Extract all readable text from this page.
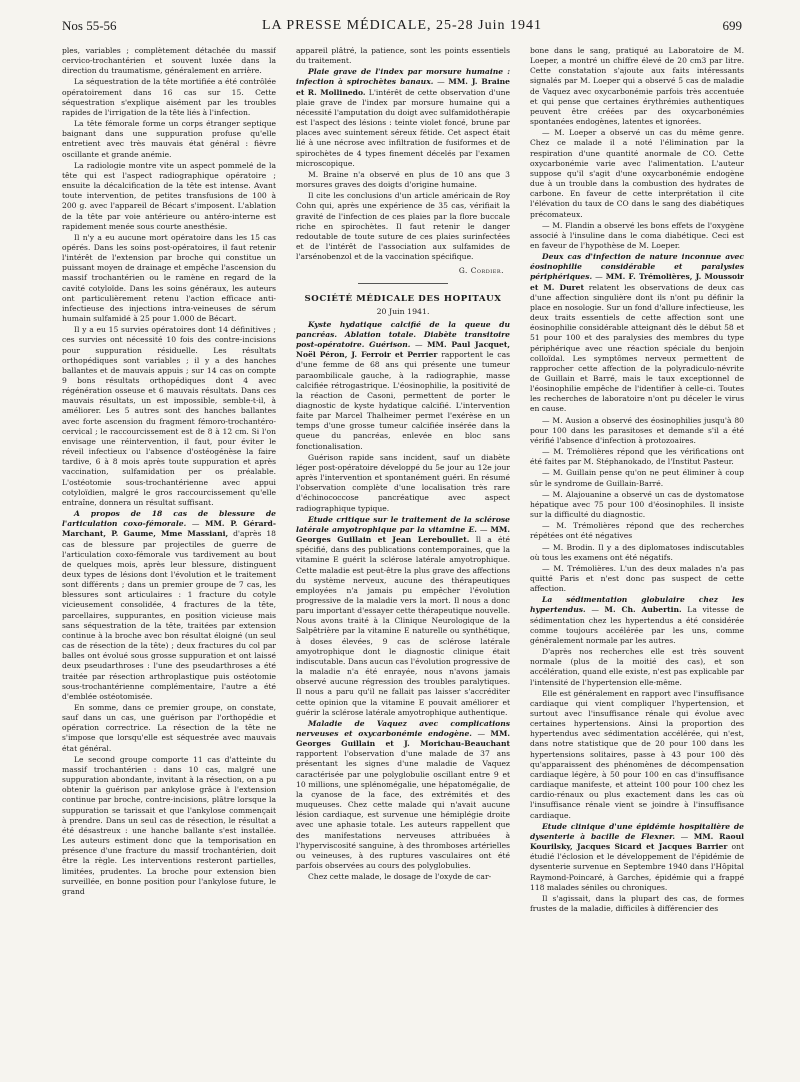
Nos 55-56	LA PRESSE MÉDICALE, 25-28 Juin 1941	699

ples, variables ; complètement détachée du massif cervico-trochantérien et souvent luxée dans la direction du traumatisme, généralement en arrière.

La séquestration de la tête mortifiée a été contrôlée opératoirement dans 16 cas sur 15. Cette séquestration s'explique aisément par les troubles rapides de l'irrigation de la tête liés à l'infection.

La tête fémorale forme un corps étranger septique baignant dans une suppuration profuse qu'elle entretient avec très mauvais état général : fièvre oscillante et grande anémie.

La radiologie montre vite un aspect pommelé de la tête qui est l'aspect radiographique opératoire ; ensuite la décalcification de la tête est intense. Avant toute intervention, de petites transfusions de 100 à 200 g. avec l'appareil de Bécart s'imposent. L'ablation de la tête par voie antérieure ou antéro-interne est rapidement menée sous courte anesthésie.

Il n'y a eu aucune mort opératoire dans les 15 cas opérés. Dans les soins post-opératoires, il faut retenir l'intérêt de l'extension par broche qui constitue un puissant moyen de drainage et empêche l'ascension du massif trochantérien ou le ramène en regard de la cavité cotyloïde. Dans les soins généraux, les auteurs ont particulièrement retenu l'action efficace anti-infectieuse des injections intra-veineuses de sérum humain sulfamidé à 25 pour 1.000 de Bécart.

Il y a eu 15 survies opératoires dont 14 définitives ; ces survies ont nécessité 10 fois des contre-incisions pour suppuration résiduelle. Les résultats orthopédiques sont variables ; il y a des hanches ballantes et de mauvais appuis ; sur 14 cas on compte 9 bons résultats orthopédiques dont 4 avec régénération osseuse et 6 mauvais résultats. Dans ces mauvais résultats, un est impossible, semble-t-il, à améliorer. Les 5 autres sont des hanches ballantes avec forte ascension du fragment fémoro-trochantéro-cervical ; le raccourcissement est de 8 à 12 cm. Si l'on envisage une réintervention, il faut, pour éviter le réveil infectieux ou l'absence d'ostéogénèse la faire tardive, 6 à 8 mois après toute suppuration et après vaccination, sulfamidation per os préalable. L'ostéotomie sous-trochantérienne avec appui cotyloïdien, malgré le gros raccourcissement qu'elle entraîne, donnera un résultat suffisant.

A propos de 18 cas de blessure de l'articulation coxo-fémorale. — MM. P. Gérard-Marchant, P. Gaume, Mme Massiani, d'après 18 cas de blessure par projectiles de guerre de l'articulation coxo-fémorale vus tardivement au bout de quelques mois, après leur blessure, distinguent deux types de lésions dont l'évolution et le traitement sont différents ; dans un premier groupe de 7 cas, les blessures sont articulaires : 1 fracture du cotyle vicieusement consolidée, 4 fractures de la tête, parcellaires, suppurantes, en position vicieuse mais sans séquestration de la tête, traitées par extension continue à la broche avec bon résultat éloigné (un seul cas de résection de la tête) ; deux fractures du col par balles ont évolué sous grosse suppuration et ont laissé deux pseudarthroses : l'une des pseudarthroses a été traitée par résection arthroplastique puis ostéotomie sous-trochantérienne complémentaire, l'autre a été d'emblée ostéotomisée.

En somme, dans ce premier groupe, on constate, sauf dans un cas, une guérison par l'orthopédie et opération correctrice. La résection de la tête ne s'impose que lorsqu'elle est séquestrée avec mauvais état général.

Le second groupe comporte 11 cas d'atteinte du massif trochantérien : dans 10 cas, malgré une suppuration abondante, invitant à la résection, on a pu obtenir la guérison par ankylose grâce à l'extension continue par broche, contre-incisions, plâtre lorsque la suppuration se tarissait et que l'ankylose commençait à prendre. Dans un seul cas de résection, le résultat a été désastreux : une hanche ballante s'est installée. Les auteurs estiment donc que la temporisation en présence d'une fracture du massif trochantérien, doit être la règle. Les interventions resteront partielles, limitées, prudentes. La broche pour extension bien surveillée, en bonne position pour l'ankylose future, le grand

appareil plâtré, la patience, sont les points essentiels du traitement.

Plaie grave de l'index par morsure humaine : infection à spirochètes banaux. — MM. J. Braine et R. Mollinedo. L'intérêt de cette observation d'une plaie grave de l'index par morsure humaine qui a nécessité l'amputation du doigt avec sulfamidothérapie est l'aspect des lésions : teinte violet foncé, brune par places avec suintement séreux fétide. Cet aspect était lié à une nécrose avec infiltration de fusiformes et de spirochètes de 4 types finement décelés par l'examen microscopique.

M. Braine n'a observé en plus de 10 ans que 3 morsures graves des doigts d'origine humaine.

Il cite les conclusions d'un article américain de Roy Cohn qui, après une expérience de 35 cas, vérifiait la gravité de l'infection de ces plaies par la flore buccale riche en spirochètes. Il faut retenir le danger redoutable de toute suture de ces plaies surinfectées et de l'intérêt de l'association aux sulfamides de l'arsénobenzol et de la vaccination spécifique.

G. Cordier.
SOCIÉTÉ MÉDICALE DES HOPITAUX
20 Juin 1941.

Kyste hydatique calcifié de la queue du pancréas. Ablation totale. Diabète transitoire post-opératoire. Guérison. — MM. Paul Jacquet, Noël Péron, J. Ferroir et Perrier rapportent le cas d'une femme de 68 ans qui présente une tumeur paraombilicale gauche, à la radiographie, masse calcifiée rétrogastrique. L'éosinophilie, la positivité de la réaction de Casoni, permettent de porter le diagnostic de kyste hydatique calcifié. L'intervention faite par Marcel Thalheimer permet l'exérèse en un temps d'une grosse tumeur calcifiée insérée dans la queue du pancréas, enlevée en bloc sans fonctionalisation.

Guérison rapide sans incident, sauf un diabète léger post-opératoire développé du 5e jour au 12e jour après l'intervention et spontanément guéri. En résumé l'observation complète d'une localisation très rare d'échinococcose pancréatique avec aspect radiographique typique.

Etude critique sur le traitement de la sclérose latérale amyotrophique par la vitamine E. — MM. Georges Guillain et Jean Lereboullet. Il a été spécifié, dans des publications contemporaines, que la vitamine E guérit la sclérose latérale amyotrophique. Cette maladie est peut-être la plus grave des affections du système nerveux, aucune des thérapeutiques employées n'a jamais pu empêcher l'évolution progressive de la maladie vers la mort. Il nous a donc paru important d'essayer cette thérapeutique nouvelle. Nous avons traité à la Clinique Neurologique de la Salpêtrière par la vitamine E naturelle ou synthétique, à doses élevées, 9 cas de sclérose latérale amyotrophique dont le diagnostic clinique était indiscutable. Dans aucun cas l'évolution progressive de la maladie n'a été enrayée, nous n'avons jamais observé aucune régression des troubles paralytiques. Il nous a paru qu'il ne fallait pas laisser s'accréditer cette opinion que la vitamine E pouvait améliorer et guérir la sclérose latérale amyotrophique authentique.

Maladie de Vaquez avec complications nerveuses et oxycarbonémie endogène. — MM. Georges Guillain et J. Morichau-Beauchant rapportent l'observation d'une malade de 37 ans présentant les signes d'une maladie de Vaquez caractérisée par une polyglobulie oscillant entre 9 et 10 millions, une splénomégalie, une hépatomégalie, de la cyanose de la face, des extrémités et des muqueuses. Chez cette malade qui n'avait aucune lésion cardiaque, est survenue une hémiplégie droite avec une aphasie totale. Les auteurs rappellent que des manifestations nerveuses attribuées à l'hyperviscosité sanguine, à des thromboses artérielles ou veineuses, à des ruptures vasculaires ont été parfois observées au cours des polyglobulies.

Chez cette malade, le dosage de l'oxyde de car-

bone dans le sang, pratiqué au Laboratoire de M. Loeper, a montré un chiffre élevé de 20 cm3 par litre. Cette constatation s'ajoute aux faits intéressants signalés par M. Loeper qui a observé 5 cas de maladie de Vaquez avec oxycarbonémie parfois très accentuée et qui pense que certaines érythrémies authentiques peuvent être créées par des oxycarbonémies spontanées endogènes, latentes et ignorées.

— M. Loeper a observé un cas du même genre. Chez ce malade il a noté l'élimination par la respiration d'une quantité anormale de CO. Cette oxycarbonémie varie avec l'alimentation. L'auteur suppose qu'il s'agit d'une oxycarbonémie endogène due à un trouble dans la combustion des hydrates de carbone. En faveur de cette interprétation il cite l'élévation du taux de CO dans le sang des diabétiques précomateux.

— M. Flandin a observé les bons effets de l'oxygène associé à l'insuline dans le coma diabétique. Ceci est en faveur de l'hypothèse de M. Loeper.

Deux cas d'infection de nature inconnue avec éosinophilie considérable et paralysies périphériques. — MM. F. Trémolières, J. Moussoir et M. Duret relatent les observations de deux cas d'une affection singulière dont ils n'ont pu définir la place en nosologie. Sur un fond d'allure infectieuse, les deux traits essentiels de cette affection sont une éosinophilie considérable atteignant dès le début 58 et 51 pour 100 et des paralysies des membres du type périphérique avec une réaction spéciale du benjoin colloïdal. Les symptômes nerveux permettent de rapprocher cette affection de la polyradiculo-névrite de Guillain et Barré, mais le taux exceptionnel de l'éosinophilie empêche de l'identifier à celle-ci. Toutes les recherches de laboratoire n'ont pu déceler le virus en cause.

— M. Ausion a observé des éosinophilies jusqu'à 80 pour 100 dans les parasitoses et demande s'il a été vérifié l'absence d'infection à protozoaires.

— M. Trémolières répond que les vérifications ont été faites par M. Stéphanokado, de l'Institut Pasteur.

— M. Guillain pense qu'on ne peut éliminer à coup sûr le syndrome de Guillain-Barré.

— M. Alajouanine a observé un cas de dystomatose hépatique avec 75 pour 100 d'éosinophiles. Il insiste sur la difficulté du diagnostic.

— M. Trémolières répond que des recherches répétées ont été négatives

— M. Brodin. Il y a des diplomatoses indiscutables où tous les examens ont été négatifs.

— M. Trémolières. L'un des deux malades n'a pas quitté Paris et n'est donc pas suspect de cette affection.

La sédimentation globulaire chez les hypertendus. — M. Ch. Aubertin. La vitesse de sédimentation chez les hypertendus a été considérée comme toujours accélérée par les uns, comme généralement normale par les autres.

D'après nos recherches elle est très souvent normale (plus de la moitié des cas), et son accélération, quand elle existe, n'est pas explicable par l'intensité de l'hypertension elle-même.

Elle est généralement en rapport avec l'insuffisance cardiaque qui vient compliquer l'hypertension, et surtout avec l'insuffisance rénale qui évolue avec certaines hypertensions. Ainsi la proportion des hypertendus avec sédimentation accélérée, qui n'est, dans notre statistique que de 20 pour 100 dans les hypertensions solitaires, passe à 43 pour 100 dès qu'apparaissent des phénomènes de décompensation cardiaque légère, à 50 pour 100 en cas d'insuffisance cardiaque manifeste, et atteint 100 pour 100 chez les cardio-rénaux ou plus exactement dans les cas où l'insuffisance rénale vient se joindre à l'insuffisance cardiaque.

Etude clinique d'une épidémie hospitalière de dysenterie à bacille de Flexner. — MM. Raoul Kourilsky, Jacques Sicard et Jacques Barrier ont étudié l'éclosion et le développement de l'épidémie de dysenterie survenue en Septembre 1940 dans l'Hôpital Raymond-Poincaré, à Garches, épidémie qui a frappé 118 malades séniles ou chroniques.

Il s'agissait, dans la plupart des cas, de formes frustes de la maladie, difficiles à différencier des
